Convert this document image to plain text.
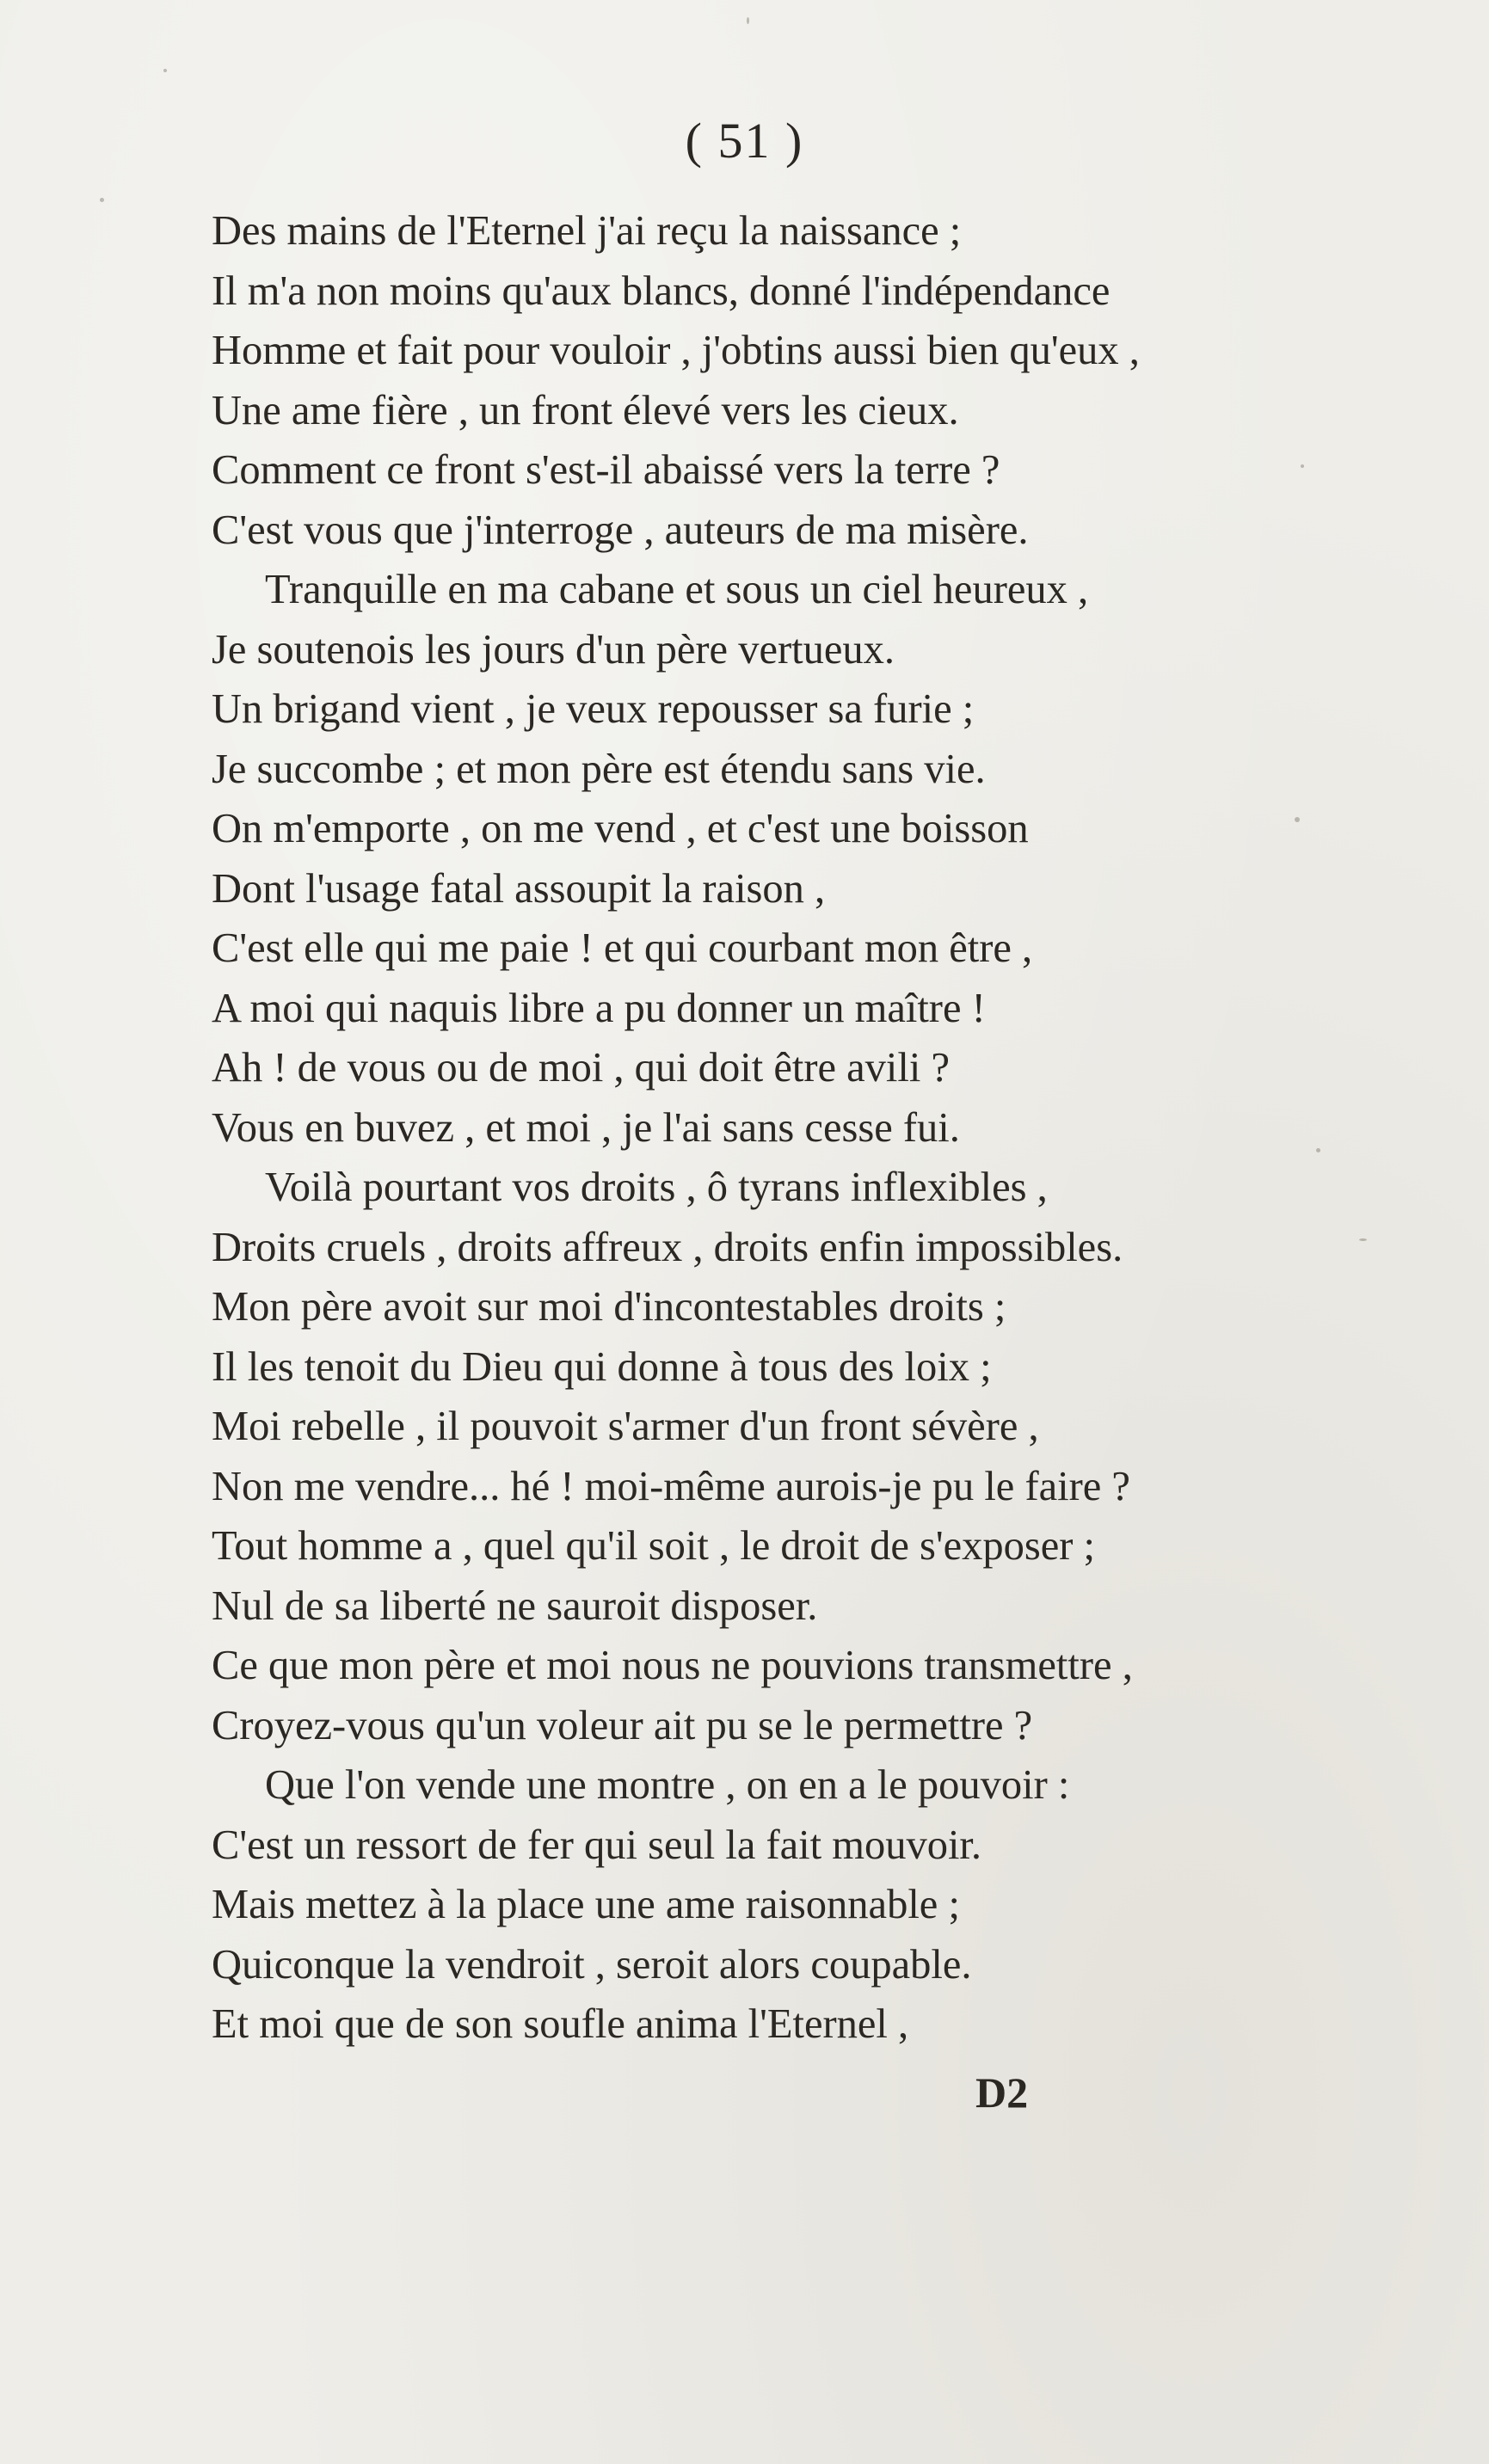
( 51 )
Des mains de l'Eternel j'ai reçu la naissance ;
Il m'a non moins qu'aux blancs, donné l'indépendance
Homme et fait pour vouloir , j'obtins aussi bien qu'eux ,
Une ame fière , un front élevé vers les cieux.
Comment ce front s'est-il abaissé vers la terre ?
C'est vous que j'interroge , auteurs de ma misère.
Tranquille en ma cabane et sous un ciel heureux ,
Je soutenois les jours d'un père vertueux.
Un brigand vient , je veux repousser sa furie ;
Je succombe ; et mon père est étendu sans vie.
On m'emporte , on me vend , et c'est une boisson
Dont l'usage fatal assoupit la raison ,
C'est elle qui me paie ! et qui courbant mon être ,
A moi qui naquis libre a pu donner un maître !
Ah ! de vous ou de moi , qui doit être avili ?
Vous en buvez , et moi , je l'ai sans cesse fui.
Voilà pourtant vos droits , ô tyrans inflexibles ,
Droits cruels , droits affreux , droits enfin impossibles.
Mon père avoit sur moi d'incontestables droits ;
Il les tenoit du Dieu qui donne à tous des loix ;
Moi rebelle , il pouvoit s'armer d'un front sévère ,
Non me vendre... hé ! moi-même aurois-je pu le faire ?
Tout homme a , quel qu'il soit , le droit de s'exposer ;
Nul de sa liberté ne sauroit disposer.
Ce que mon père et moi nous ne pouvions transmettre ,
Croyez-vous qu'un voleur ait pu se le permettre ?
Que l'on vende une montre , on en a le pouvoir :
C'est un ressort de fer qui seul la fait mouvoir.
Mais mettez à la place une ame raisonnable ;
Quiconque la vendroit , seroit alors coupable.
Et moi que de son soufle anima l'Eternel ,
D2
